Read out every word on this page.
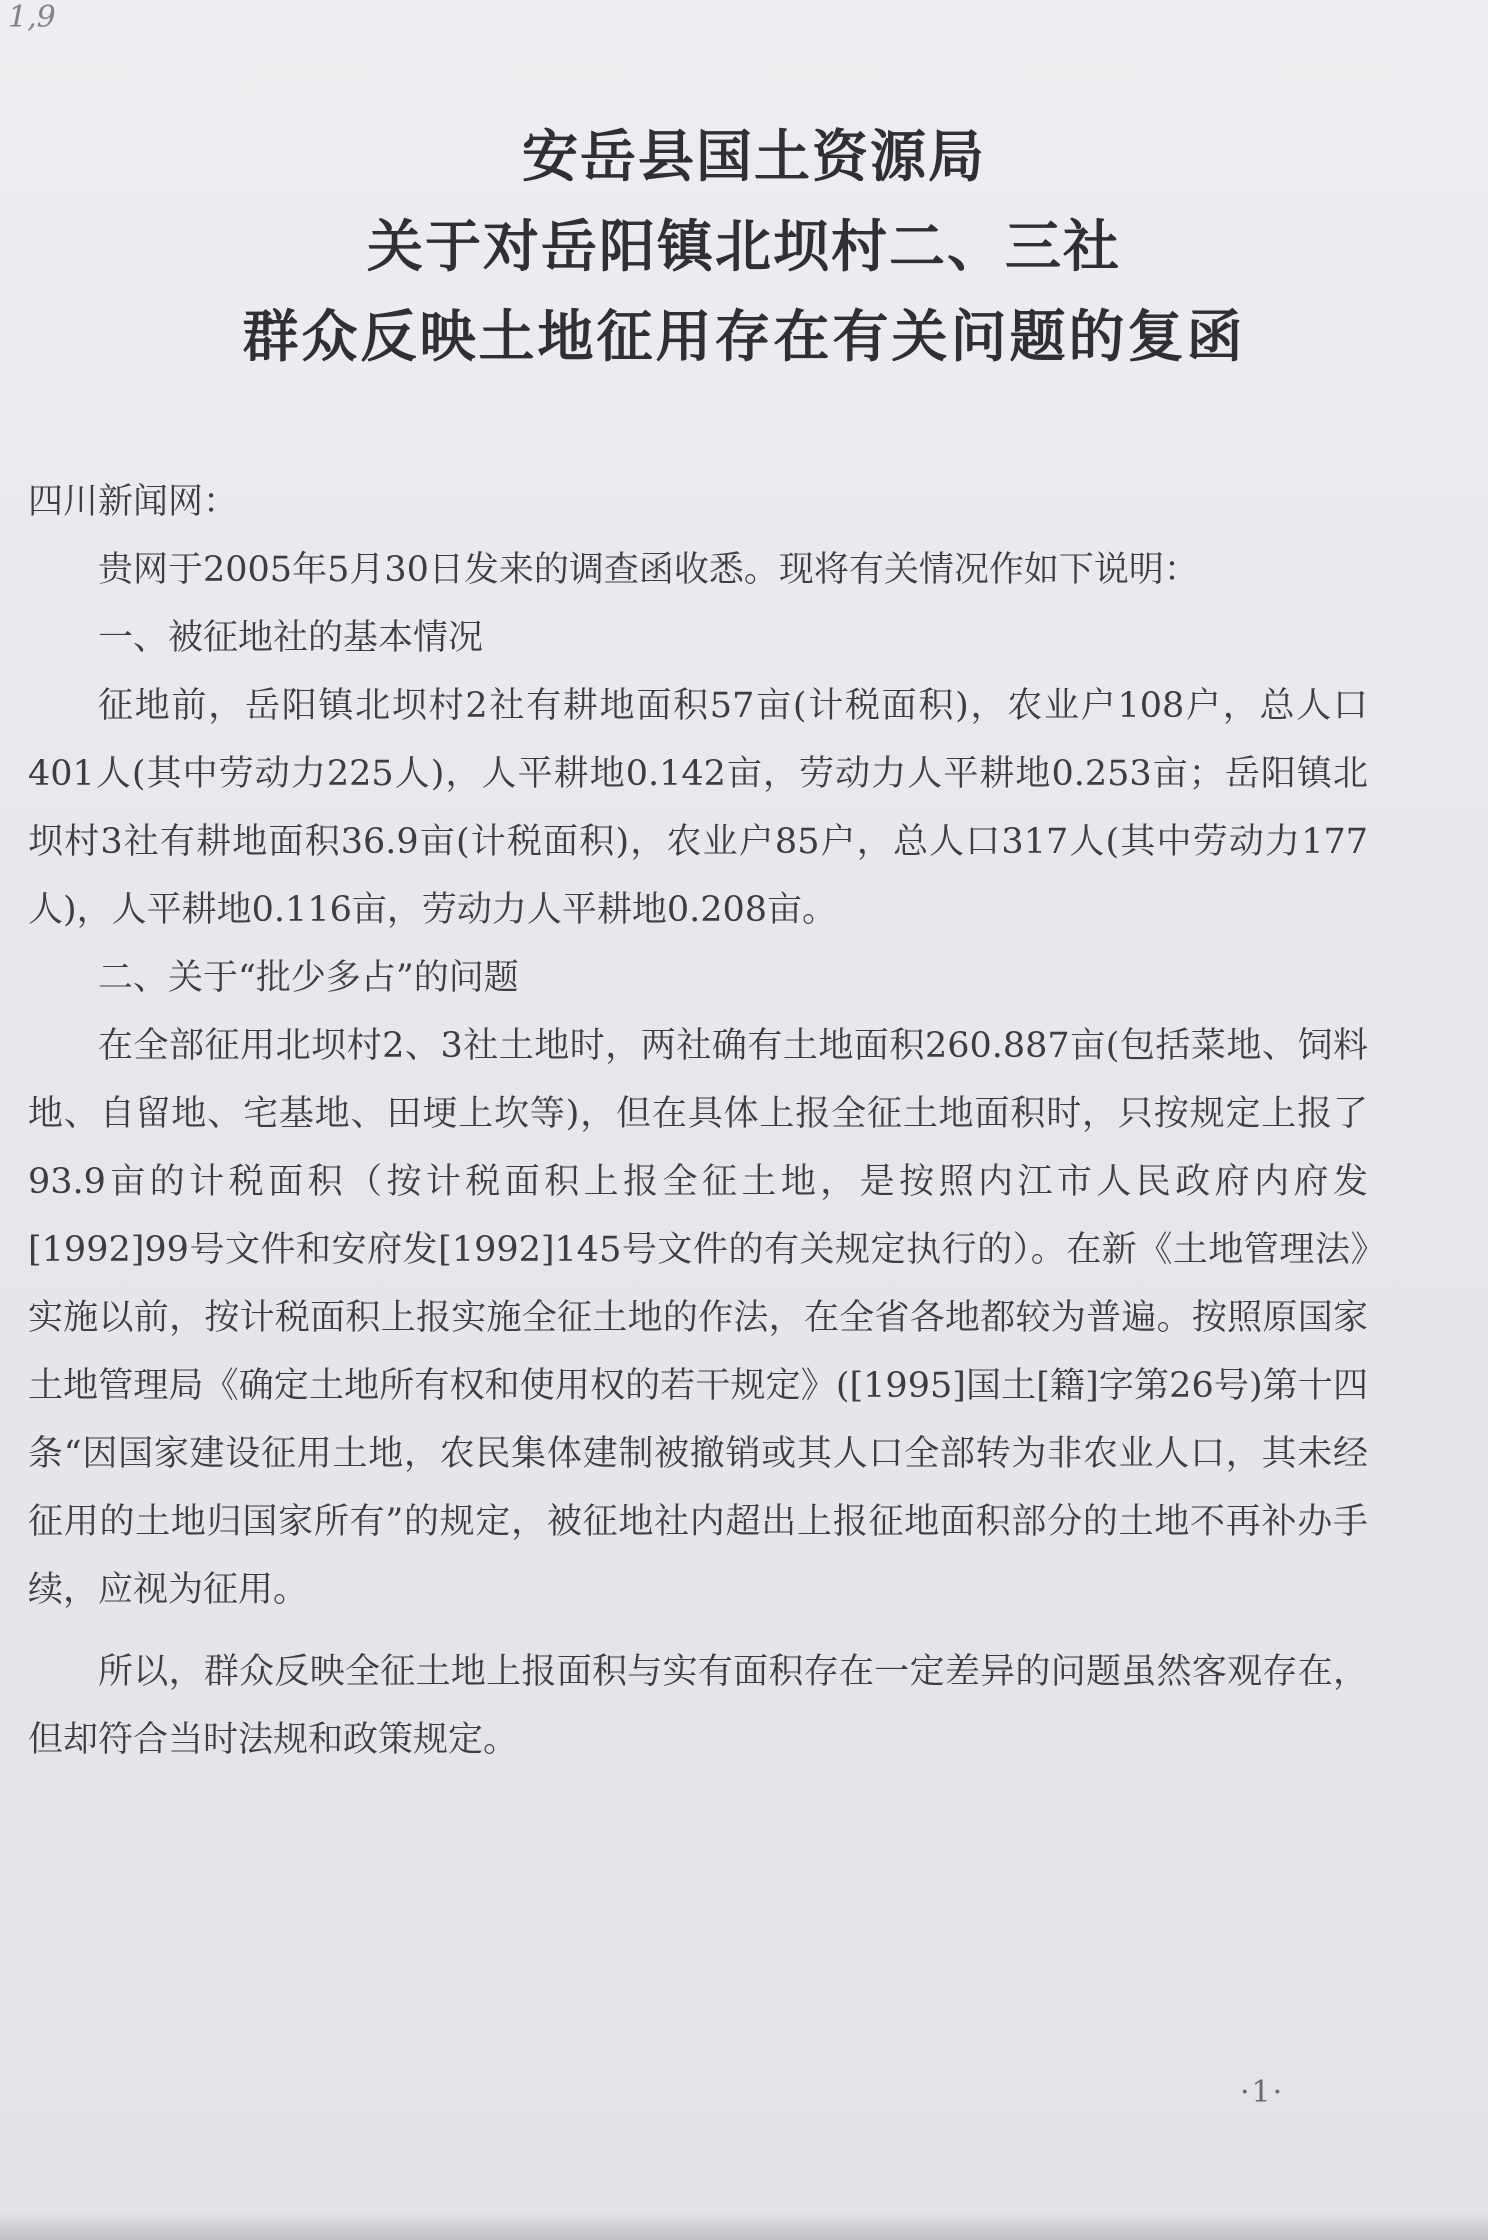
1,9
安岳县国土资源局
关于对岳阳镇北坝村二、三社
群众反映土地征用存在有关问题的复函

四川新闻网：

贵网于2005年5月30日发来的调查函收悉。现将有关情况作如下说明：

一、被征地社的基本情况

征地前，岳阳镇北坝村2社有耕地面积57亩(计税面积)，农业户108户，总人口401人(其中劳动力225人)，人平耕地0.142亩，劳动力人平耕地0.253亩；岳阳镇北坝村3社有耕地面积36.9亩(计税面积)，农业户85户，总人口317人(其中劳动力177人)，人平耕地0.116亩，劳动力人平耕地0.208亩。

二、关于“批少多占”的问题

在全部征用北坝村2、3社土地时，两社确有土地面积260.887亩(包括菜地、饲料地、自留地、宅基地、田埂上坎等)，但在具体上报全征土地面积时，只按规定上报了93.9亩的计税面积（按计税面积上报全征土地，是按照内江市人民政府内府发[1992]99号文件和安府发[1992]145号文件的有关规定执行的）。在新《土地管理法》实施以前，按计税面积上报实施全征土地的作法，在全省各地都较为普遍。按照原国家土地管理局《确定土地所有权和使用权的若干规定》([1995]国土[籍]字第26号)第十四条“因国家建设征用土地，农民集体建制被撤销或其人口全部转为非农业人口，其未经征用的土地归国家所有”的规定，被征地社内超出上报征地面积部分的土地不再补办手续，应视为征用。

所以，群众反映全征土地上报面积与实有面积存在一定差异的问题虽然客观存在，但却符合当时法规和政策规定。

·1·
